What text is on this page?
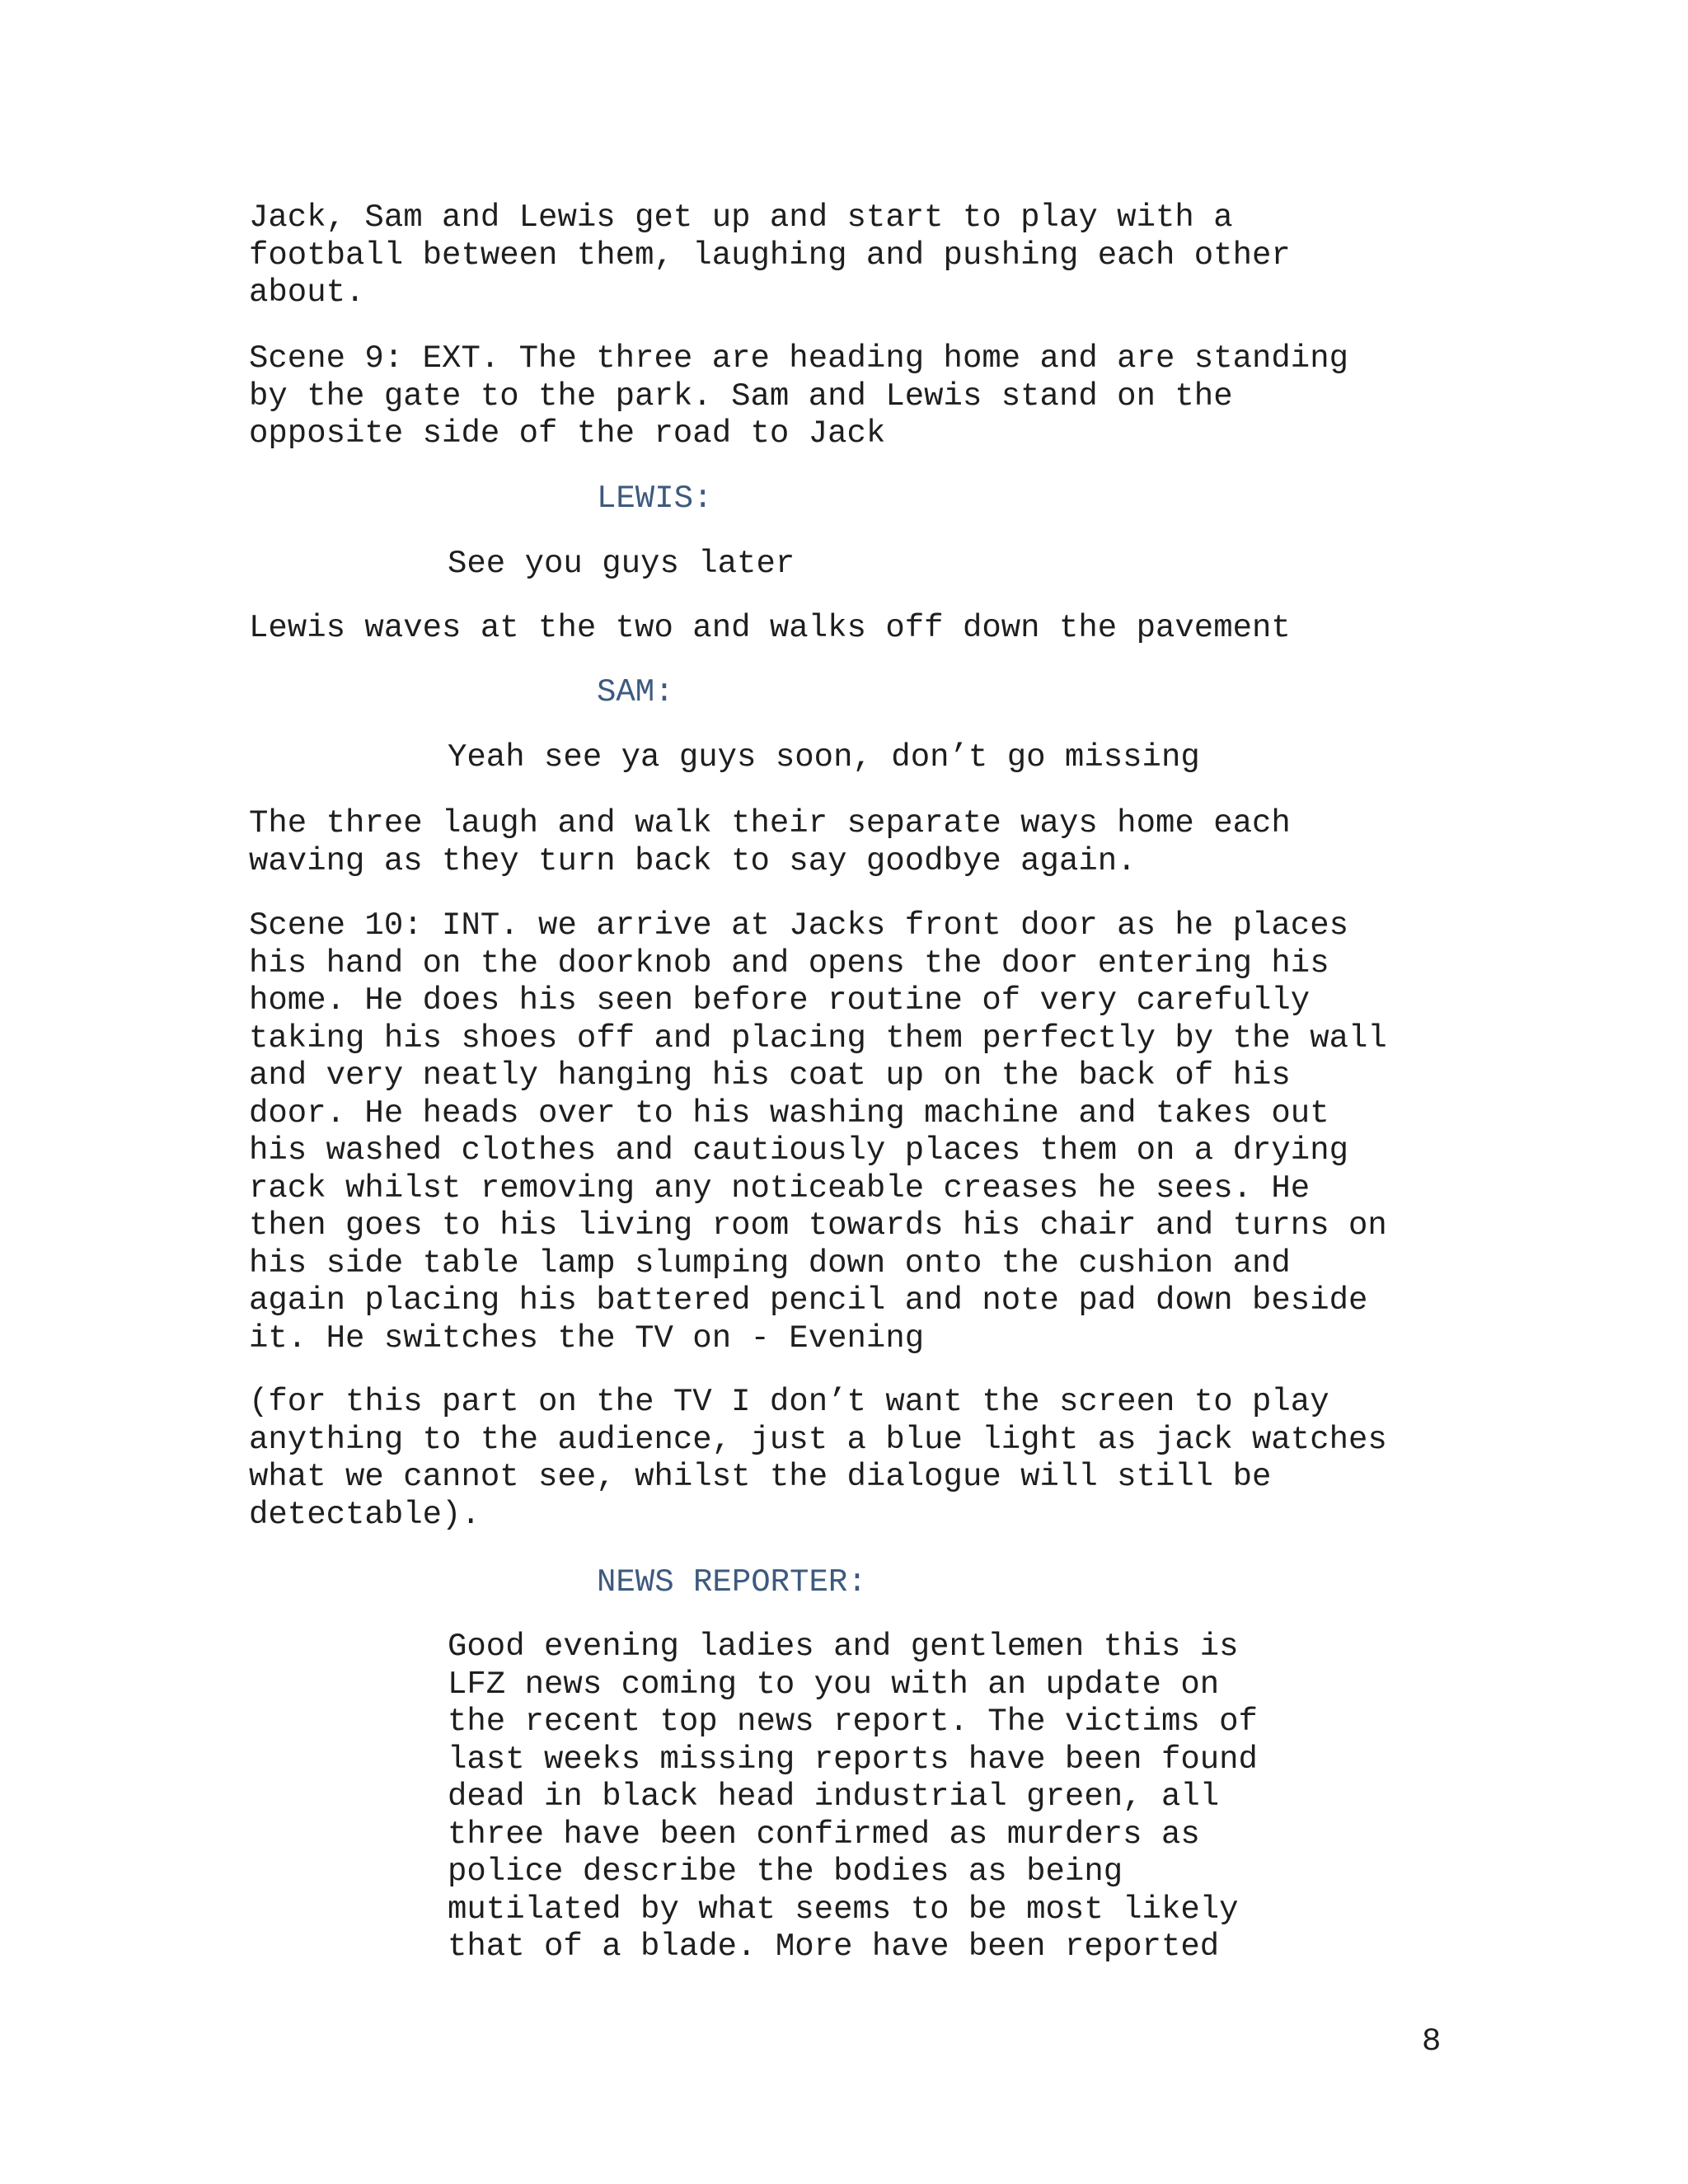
Jack, Sam and Lewis get up and start to play with a
football between them, laughing and pushing each other
about.
Scene 9: EXT. The three are heading home and are standing
by the gate to the park. Sam and Lewis stand on the
opposite side of the road to Jack
LEWIS:
See you guys later
Lewis waves at the two and walks off down the pavement
SAM:
Yeah see ya guys soon, don’t go missing
The three laugh and walk their separate ways home each
waving as they turn back to say goodbye again.
Scene 10: INT. we arrive at Jacks front door as he places
his hand on the doorknob and opens the door entering his
home. He does his seen before routine of very carefully
taking his shoes off and placing them perfectly by the wall
and very neatly hanging his coat up on the back of his
door. He heads over to his washing machine and takes out
his washed clothes and cautiously places them on a drying
rack whilst removing any noticeable creases he sees. He
then goes to his living room towards his chair and turns on
his side table lamp slumping down onto the cushion and
again placing his battered pencil and note pad down beside
it. He switches the TV on - Evening
(for this part on the TV I don’t want the screen to play
anything to the audience, just a blue light as jack watches
what we cannot see, whilst the dialogue will still be
detectable).
NEWS REPORTER:
Good evening ladies and gentlemen this is
LFZ news coming to you with an update on
the recent top news report. The victims of
last weeks missing reports have been found
dead in black head industrial green, all
three have been confirmed as murders as
police describe the bodies as being
mutilated by what seems to be most likely
that of a blade. More have been reported
8
